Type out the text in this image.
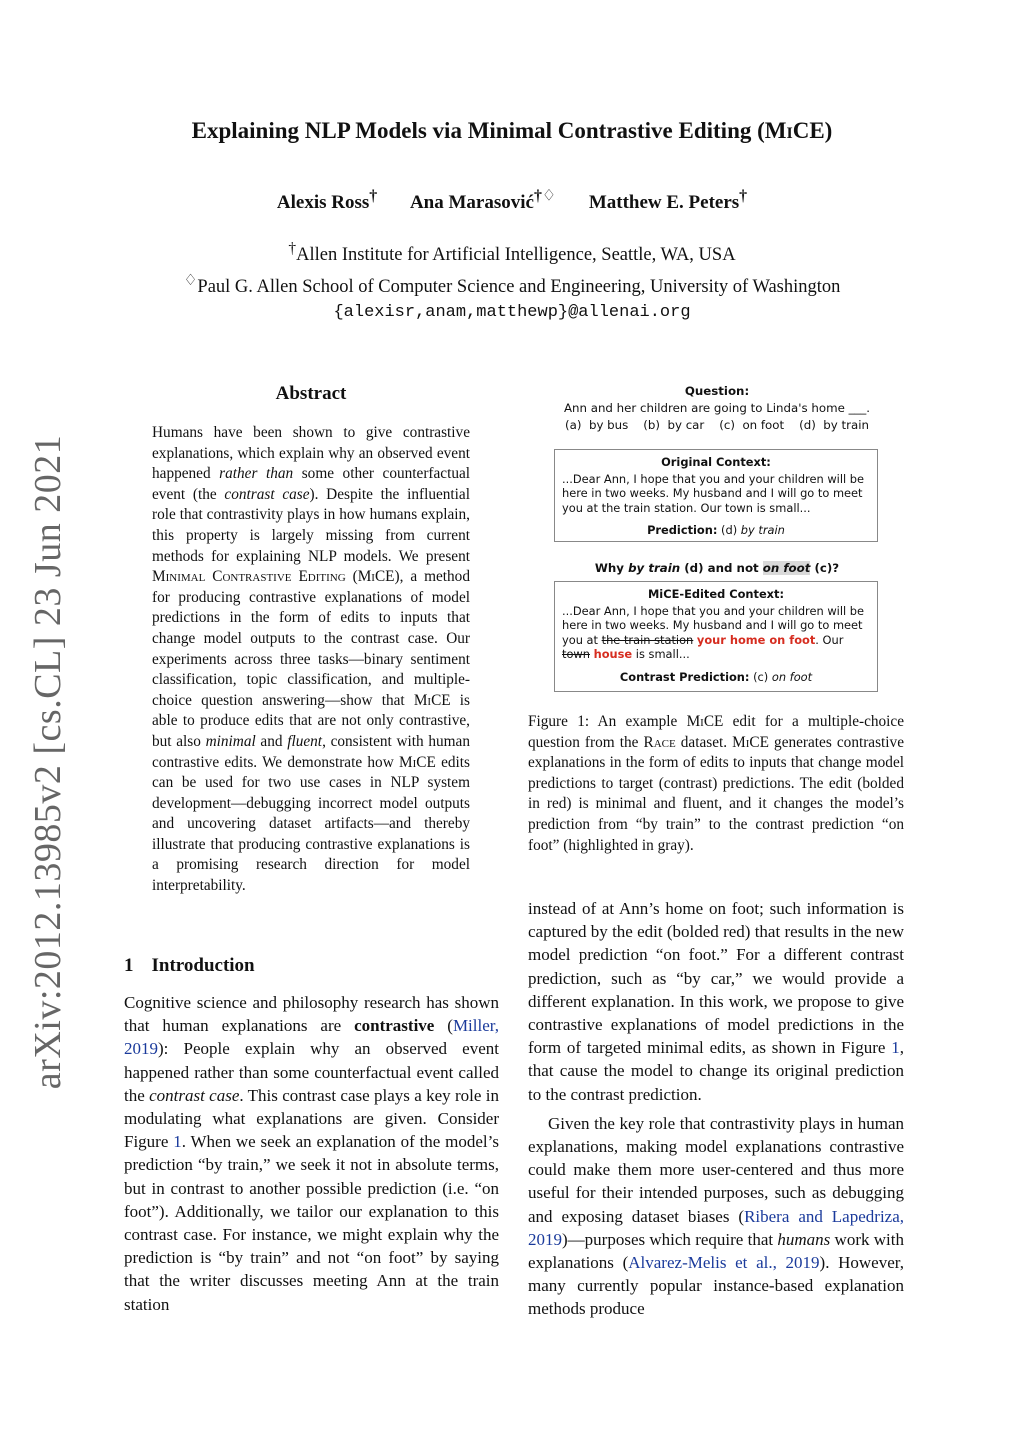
Explaining NLP Models via Minimal Contrastive Editing (MiCE)
Alexis Ross† Ana Marasović†♢ Matthew E. Peters†
†Allen Institute for Artificial Intelligence, Seattle, WA, USA
♢Paul G. Allen School of Computer Science and Engineering, University of Washington
{alexisr,anam,matthewp}@allenai.org
arXiv:2012.13985v2 [cs.CL] 23 Jun 2021
Abstract
Humans have been shown to give contrastive explanations, which explain why an observed event happened rather than some other counterfactual event (the contrast case). Despite the influential role that contrastivity plays in how humans explain, this property is largely missing from current methods for explaining NLP models. We present Minimal Contrastive Editing (MiCE), a method for producing contrastive explanations of model predictions in the form of edits to inputs that change model outputs to the contrast case. Our experiments across three tasks—binary sentiment classification, topic classification, and multiple-choice question answering—show that MiCE is able to produce edits that are not only contrastive, but also minimal and fluent, consistent with human contrastive edits. We demonstrate how MiCE edits can be used for two use cases in NLP system development—debugging incorrect model outputs and uncovering dataset artifacts—and thereby illustrate that producing contrastive explanations is a promising research direction for model interpretability.
1 Introduction

Cognitive science and philosophy research has shown that human explanations are contrastive (Miller, 2019): People explain why an observed event happened rather than some counterfactual event called the contrast case. This contrast case plays a key role in modulating what explanations are given. Consider Figure 1. When we seek an explanation of the model’s prediction “by train,” we seek it not in absolute terms, but in contrast to another possible prediction (i.e. “on foot”). Additionally, we tailor our explanation to this contrast case. For instance, we might explain why the prediction is “by train” and not “on foot” by saying that the writer discusses meeting Ann at the train station

Question:
Ann and her children are going to Linda's home ___.
(a)  by bus    (b)  by car    (c)  on foot    (d)  by train
Original Context:
...Dear Ann, I hope that you and your children will be here in two weeks. My husband and I will go to meet you at the train station. Our town is small...
Prediction: (d) by train
Why by train (d) and not on foot (c)?
MiCE-Edited Context:
...Dear Ann, I hope that you and your children will be here in two weeks. My husband and I will go to meet you at the train station your home on foot. Our town house is small...
Contrast Prediction: (c) on foot
Figure 1: An example MiCE edit for a multiple-choice question from the Race dataset. MiCE generates contrastive explanations in the form of edits to inputs that change model predictions to target (contrast) predictions. The edit (bolded in red) is minimal and fluent, and it changes the model’s prediction from “by train” to the contrast prediction “on foot” (highlighted in gray).

instead of at Ann’s home on foot; such information is captured by the edit (bolded red) that results in the new model prediction “on foot.” For a different contrast prediction, such as “by car,” we would provide a different explanation. In this work, we propose to give contrastive explanations of model predictions in the form of targeted minimal edits, as shown in Figure 1, that cause the model to change its original prediction to the contrast prediction.

Given the key role that contrastivity plays in human explanations, making model explanations contrastive could make them more user-centered and thus more useful for their intended purposes, such as debugging and exposing dataset biases (Ribera and Lapedriza, 2019)—purposes which require that humans work with explanations (Alvarez-Melis et al., 2019). However, many currently popular instance-based explanation methods produce
